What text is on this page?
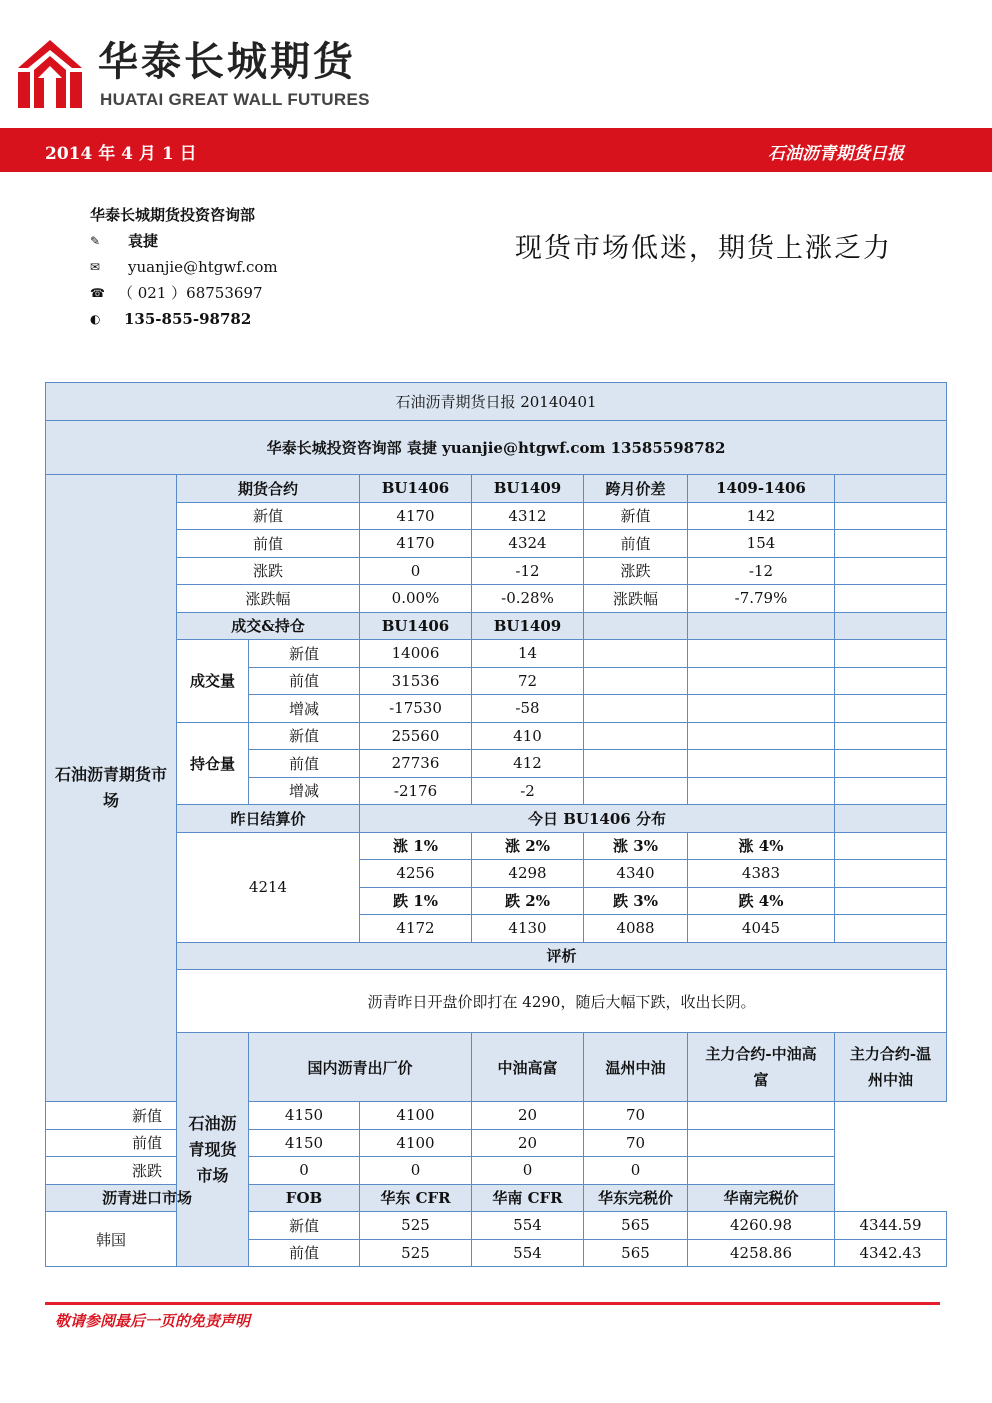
华泰长城期货
HUATAI GREAT WALL FUTURES
2014 年 4 月 1 日	石油沥青期货日报
华泰长城期货投资咨询部
✎	袁捷
✉	yuanjie@htgwf.com
☎ （ 021 ）68753697
◐	135-855-98782
现货市场低迷，期货上涨乏力
石油沥青期货日报 20140401								
华泰长城投资咨询部 袁捷 yuanjie@htgwf.com 13585598782								
石油沥青期货市场	期货合约		BU1406	BU1409	跨月价差	1409-1406		
	新值		4170	4312	新值	142		
	前值		4170	4324	前值	154		
	涨跌		0	-12	涨跌	-12		
	涨跌幅		0.00%	-0.28%	涨跌幅	-7.79%		
	成交&持仓		BU1406	BU1409				
	成交量	新值	14006	14				
		前值	31536	72				
		增减	-17530	-58				
	持仓量	新值	25560	410				
		前值	27736	412				
		增减	-2176	-2				
	昨日结算价		今日 BU1406 分布					
	4214		涨 1%	涨 2%	涨 3%	涨 4%		
			4256	4298	4340	4383		
			跌 1%	跌 2%	跌 3%	跌 4%		
			4172	4130	4088	4045		
	评析							
	沥青昨日开盘价即打在 4290，随后大幅下跌，收出长阴。							
	石油沥青现货市场	国内沥青出厂价		中油高富	温州中油	主力合约-中油高富	主力合约-温州中油	
新值		4150	4100	20	70			
前值		4150	4100	20	70			
涨跌		0	0	0	0			
沥青进口市场		FOB	华东 CFR	华南 CFR	华东完税价	华南完税价		
韩国		新值	525	554	565	4260.98	4344.59	
		前值	525	554	565	4258.86	4342.43	
敬请参阅最后一页的免责声明
